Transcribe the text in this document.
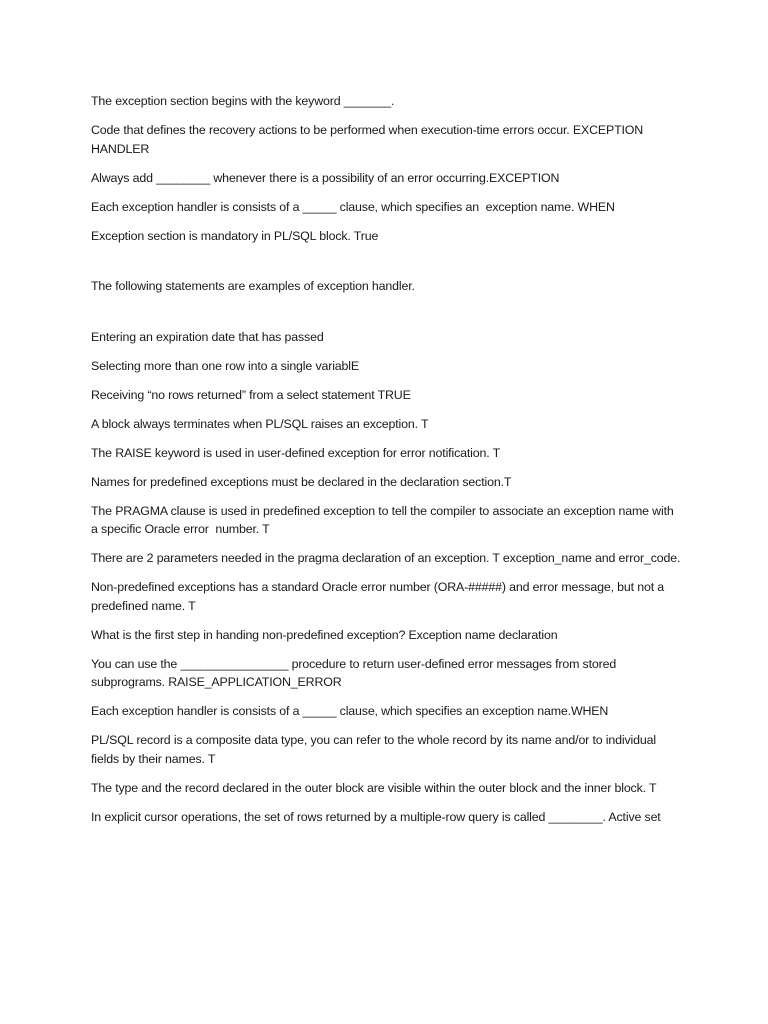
The exception section begins with the keyword _______.

Code that defines the recovery actions to be performed when execution-time errors occur. EXCEPTION HANDLER

Always add ________ whenever there is a possibility of an error occurring.EXCEPTION

Each exception handler is consists of a _____ clause, which specifies an  exception name. WHEN

Exception section is mandatory in PL/SQL block. True

The following statements are examples of exception handler.

Entering an expiration date that has passed

Selecting more than one row into a single variablE

Receiving “no rows returned” from a select statement TRUE

A block always terminates when PL/SQL raises an exception. T

The RAISE keyword is used in user-defined exception for error notification. T

Names for predefined exceptions must be declared in the declaration section.T

The PRAGMA clause is used in predefined exception to tell the compiler to associate an exception name with a specific Oracle error  number. T

There are 2 parameters needed in the pragma declaration of an exception. T exception_name and error_code.

Non-predefined exceptions has a standard Oracle error number (ORA-#####) and error message, but not a predefined name. T

What is the first step in handing non-predefined exception? Exception name declaration

You can use the ________________ procedure to return user-defined error messages from stored subprograms. RAISE_APPLICATION_ERROR

Each exception handler is consists of a _____ clause, which specifies an exception name.WHEN

PL/SQL record is a composite data type, you can refer to the whole record by its name and/or to individual fields by their names. T

The type and the record declared in the outer block are visible within the outer block and the inner block. T

In explicit cursor operations, the set of rows returned by a multiple-row query is called ________. Active set
